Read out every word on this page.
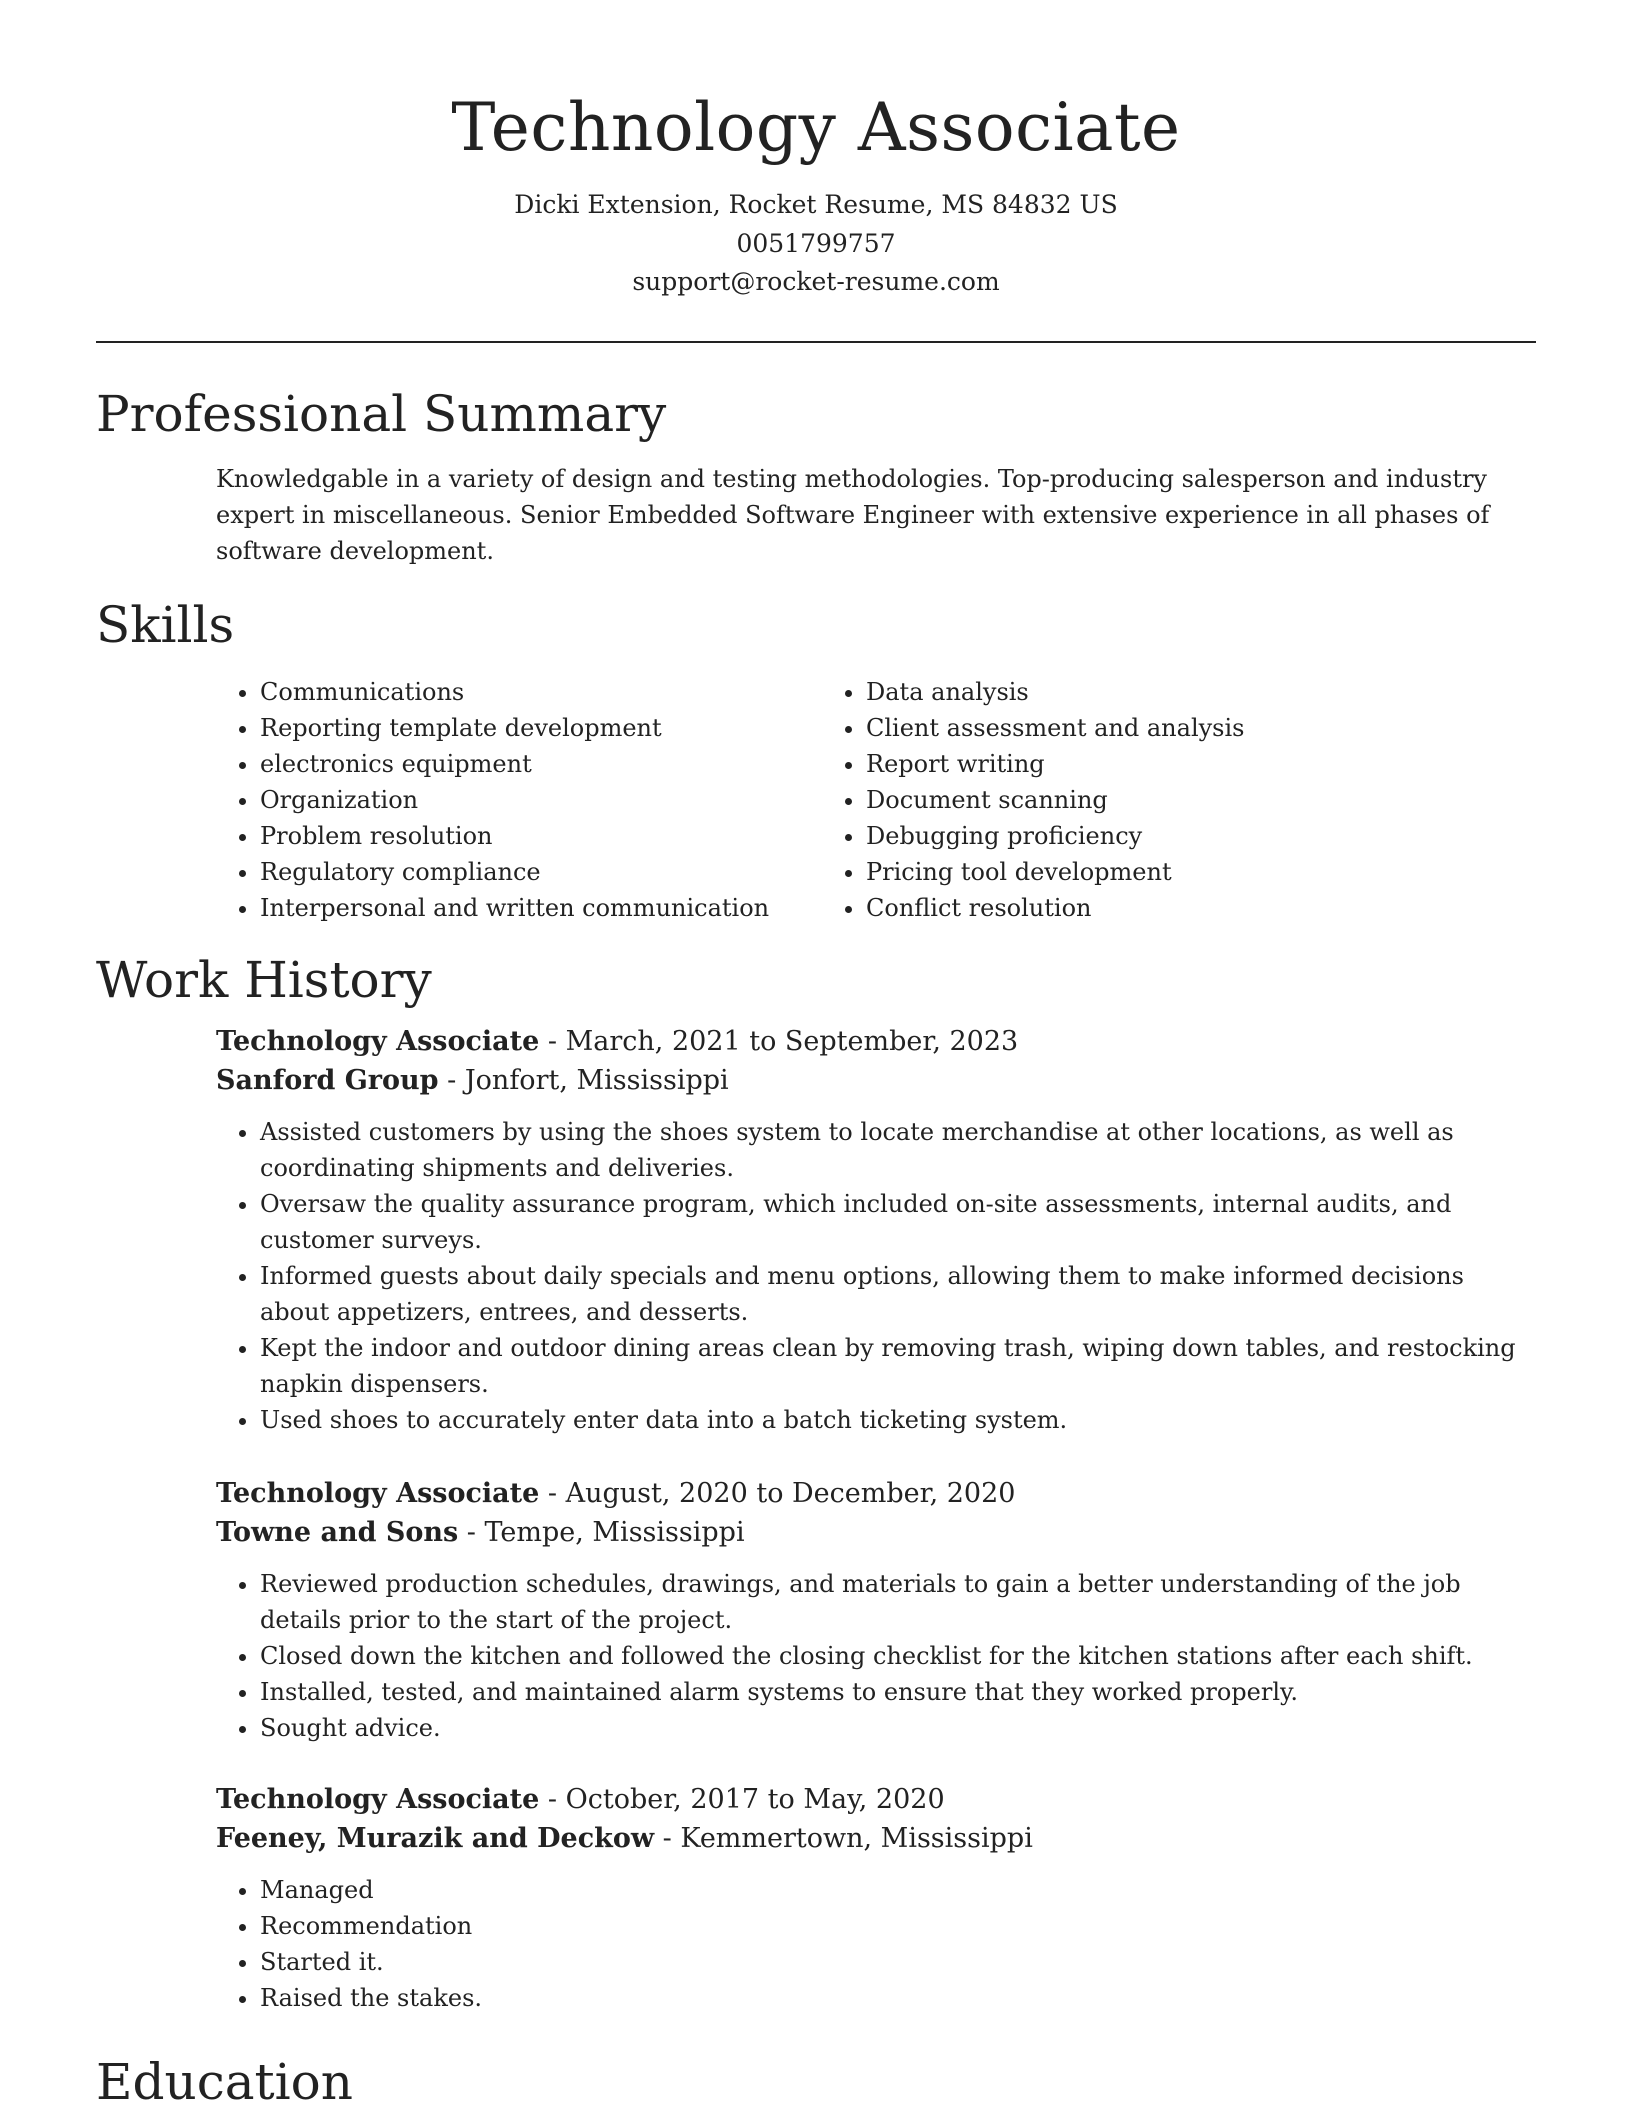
Technology Associate
Dicki Extension, Rocket Resume, MS 84832 US
0051799757
support@rocket-resume.com
Professional Summary

Knowledgable in a variety of design and testing methodologies. Top-producing salesperson and industry expert in miscellaneous. Senior Embedded Software Engineer with extensive experience in all phases of software development.

Skills
• Communications
• Reporting template development
• electronics equipment
• Organization
• Problem resolution
• Regulatory compliance
• Interpersonal and written communication
• Data analysis
• Client assessment and analysis
• Report writing
• Document scanning
• Debugging proficiency
• Pricing tool development
• Conflict resolution
Work History
Technology Associate - March, 2021 to September, 2023
Sanford Group - Jonfort, Mississippi
• Assisted customers by using the shoes system to locate merchandise at other locations, as well as coordinating shipments and deliveries.
• Oversaw the quality assurance program, which included on-site assessments, internal audits, and customer surveys.
• Informed guests about daily specials and menu options, allowing them to make informed decisions about appetizers, entrees, and desserts.
• Kept the indoor and outdoor dining areas clean by removing trash, wiping down tables, and restocking napkin dispensers.
• Used shoes to accurately enter data into a batch ticketing system.
Technology Associate - August, 2020 to December, 2020
Towne and Sons - Tempe, Mississippi
• Reviewed production schedules, drawings, and materials to gain a better understanding of the job details prior to the start of the project.
• Closed down the kitchen and followed the closing checklist for the kitchen stations after each shift.
• Installed, tested, and maintained alarm systems to ensure that they worked properly.
• Sought advice.
Technology Associate - October, 2017 to May, 2020
Feeney, Murazik and Deckow - Kemmertown, Mississippi
• Managed
• Recommendation
• Started it.
• Raised the stakes.
Education
